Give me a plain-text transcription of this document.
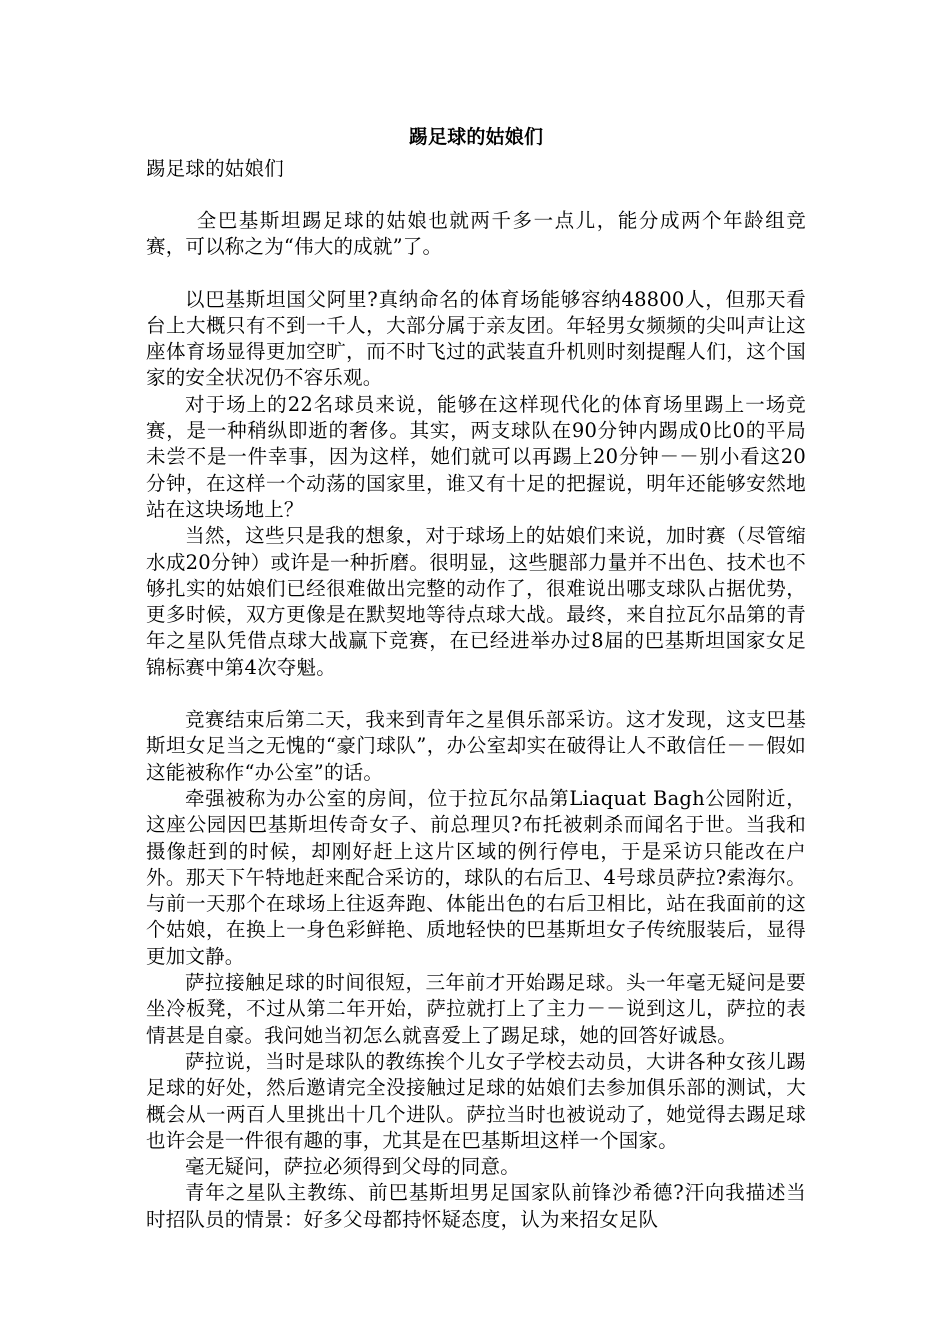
踢足球的姑娘们
踢足球的姑娘们

全巴基斯坦踢足球的姑娘也就两千多一点儿，能分成两个年龄组竞赛，可以称之为“伟大的成就”了。

以巴基斯坦国父阿里?真纳命名的体育场能够容纳48800人，但那天看台上大概只有不到一千人，大部分属于亲友团。年轻男女频频的尖叫声让这座体育场显得更加空旷，而不时飞过的武装直升机则时刻提醒人们，这个国家的安全状况仍不容乐观。

对于场上的22名球员来说，能够在这样现代化的体育场里踢上一场竞赛，是一种稍纵即逝的奢侈。其实，两支球队在90分钟内踢成0比0的平局未尝不是一件幸事，因为这样，她们就可以再踢上20分钟－－别小看这20分钟，在这样一个动荡的国家里，谁又有十足的把握说，明年还能够安然地站在这块场地上？

当然，这些只是我的想象，对于球场上的姑娘们来说，加时赛（尽管缩水成20分钟）或许是一种折磨。很明显，这些腿部力量并不出色、技术也不够扎实的姑娘们已经很难做出完整的动作了，很难说出哪支球队占据优势，更多时候，双方更像是在默契地等待点球大战。最终，来自拉瓦尔品第的青年之星队凭借点球大战赢下竞赛，在已经进举办过8届的巴基斯坦国家女足锦标赛中第4次夺魁。

竞赛结束后第二天，我来到青年之星俱乐部采访。这才发现，这支巴基斯坦女足当之无愧的“豪门球队”，办公室却实在破得让人不敢信任－－假如这能被称作“办公室”的话。

牵强被称为办公室的房间，位于拉瓦尔品第Liaquat Bagh公园附近，这座公园因巴基斯坦传奇女子、前总理贝?布托被刺杀而闻名于世。当我和摄像赶到的时候，却刚好赶上这片区域的例行停电，于是采访只能改在户外。那天下午特地赶来配合采访的，球队的右后卫、4号球员萨拉?索海尔。与前一天那个在球场上往返奔跑、体能出色的右后卫相比，站在我面前的这个姑娘，在换上一身色彩鲜艳、质地轻快的巴基斯坦女子传统服装后，显得更加文静。

萨拉接触足球的时间很短，三年前才开始踢足球。头一年毫无疑问是要坐冷板凳，不过从第二年开始，萨拉就打上了主力－－说到这儿，萨拉的表情甚是自豪。我问她当初怎么就喜爱上了踢足球，她的回答好诚恳。

萨拉说，当时是球队的教练挨个儿女子学校去动员，大讲各种女孩儿踢足球的好处，然后邀请完全没接触过足球的姑娘们去参加俱乐部的测试，大概会从一两百人里挑出十几个进队。萨拉当时也被说动了，她觉得去踢足球也许会是一件很有趣的事，尤其是在巴基斯坦这样一个国家。

毫无疑问，萨拉必须得到父母的同意。

青年之星队主教练、前巴基斯坦男足国家队前锋沙希德?汗向我描述当时招队员的情景：好多父母都持怀疑态度，认为来招女足队
